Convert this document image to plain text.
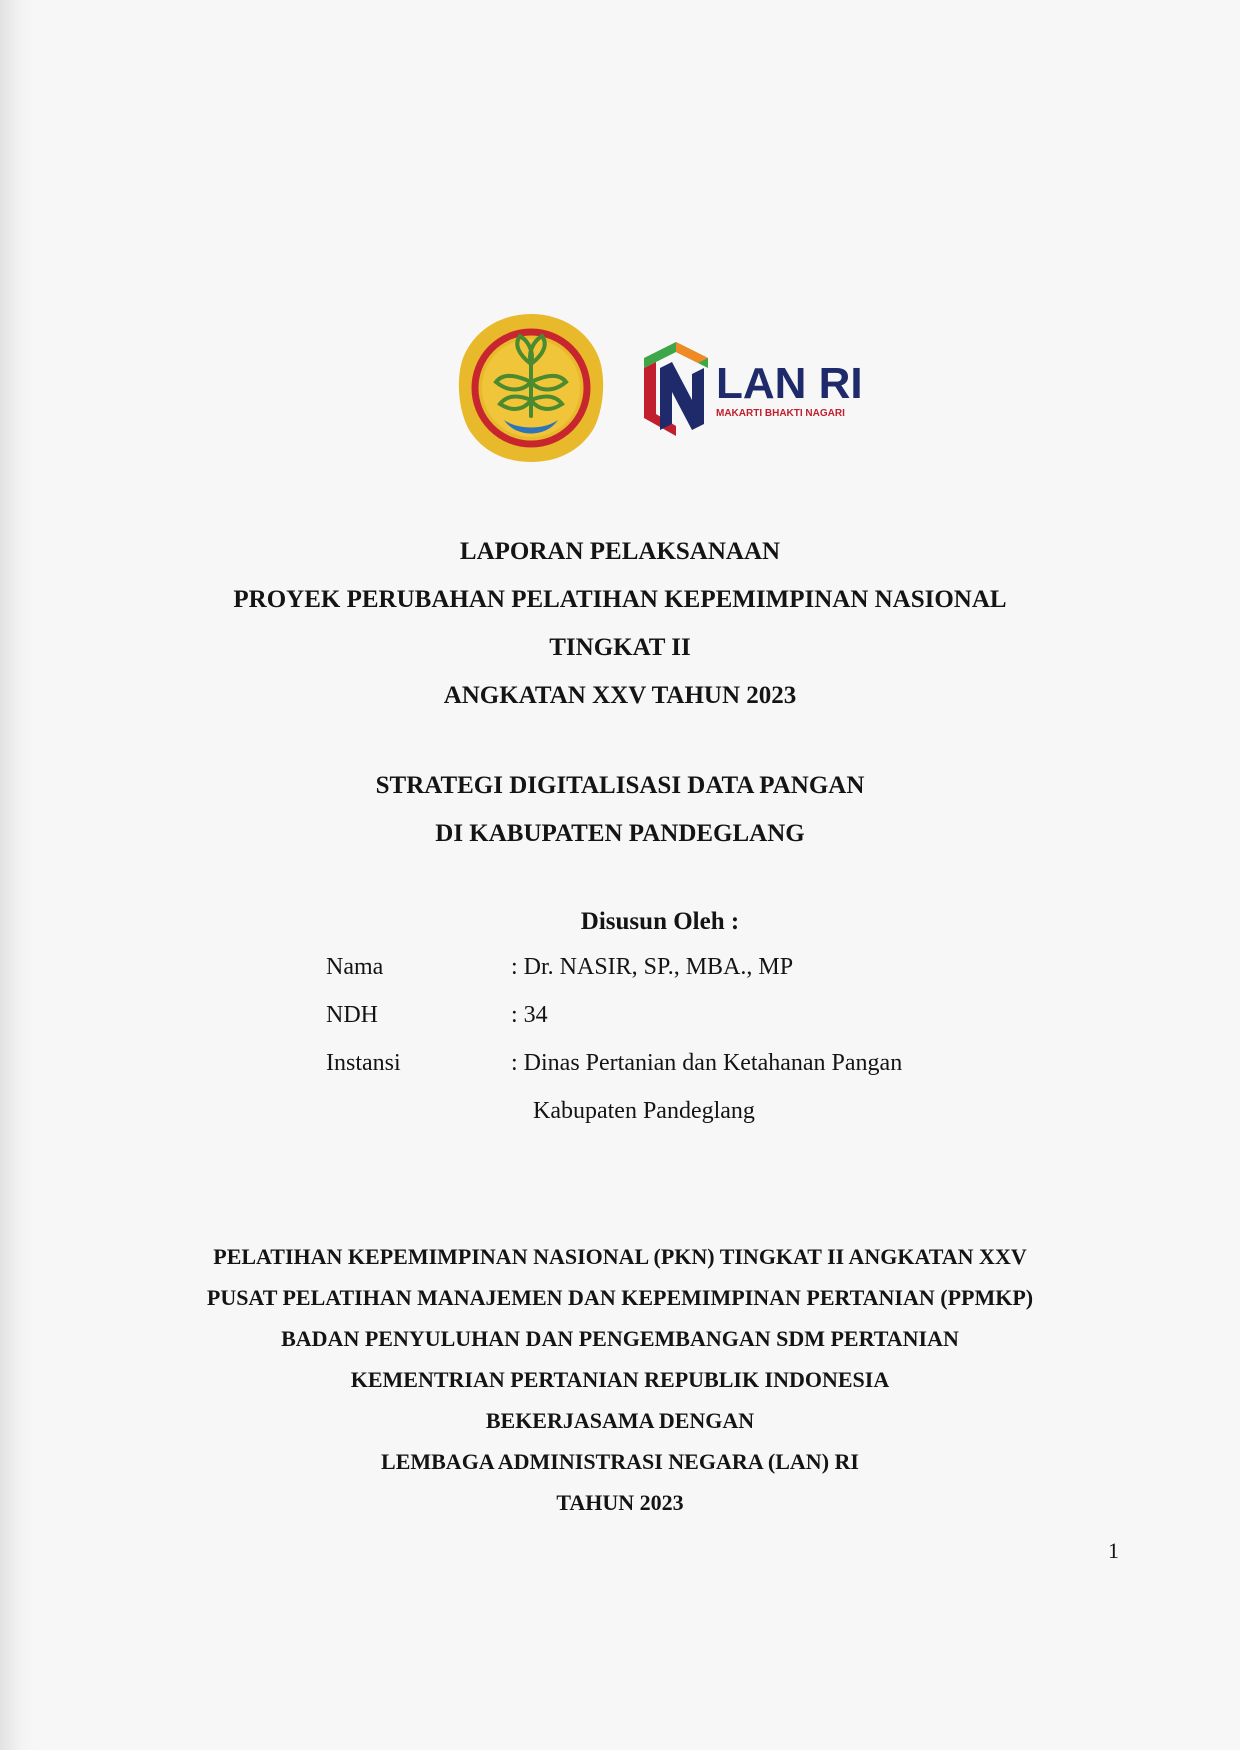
LAN RI
MAKARTI BHAKTI NAGARI
LAPORAN PELAKSANAAN
PROYEK PERUBAHAN PELATIHAN KEPEMIMPINAN NASIONAL
TINGKAT II
ANGKATAN XXV TAHUN 2023
STRATEGI DIGITALISASI DATA PANGAN
DI KABUPATEN PANDEGLANG
Disusun Oleh :
Nama	: Dr. NASIR, SP., MBA., MP
NDH	: 34
Instansi	: Dinas Pertanian dan Ketahanan Pangan
Kabupaten Pandeglang
PELATIHAN KEPEMIMPINAN NASIONAL (PKN) TINGKAT II ANGKATAN XXV
PUSAT PELATIHAN MANAJEMEN DAN KEPEMIMPINAN PERTANIAN (PPMKP)
BADAN PENYULUHAN DAN PENGEMBANGAN SDM PERTANIAN
KEMENTRIAN PERTANIAN REPUBLIK INDONESIA
BEKERJASAMA DENGAN
LEMBAGA ADMINISTRASI NEGARA (LAN) RI
TAHUN 2023
1
